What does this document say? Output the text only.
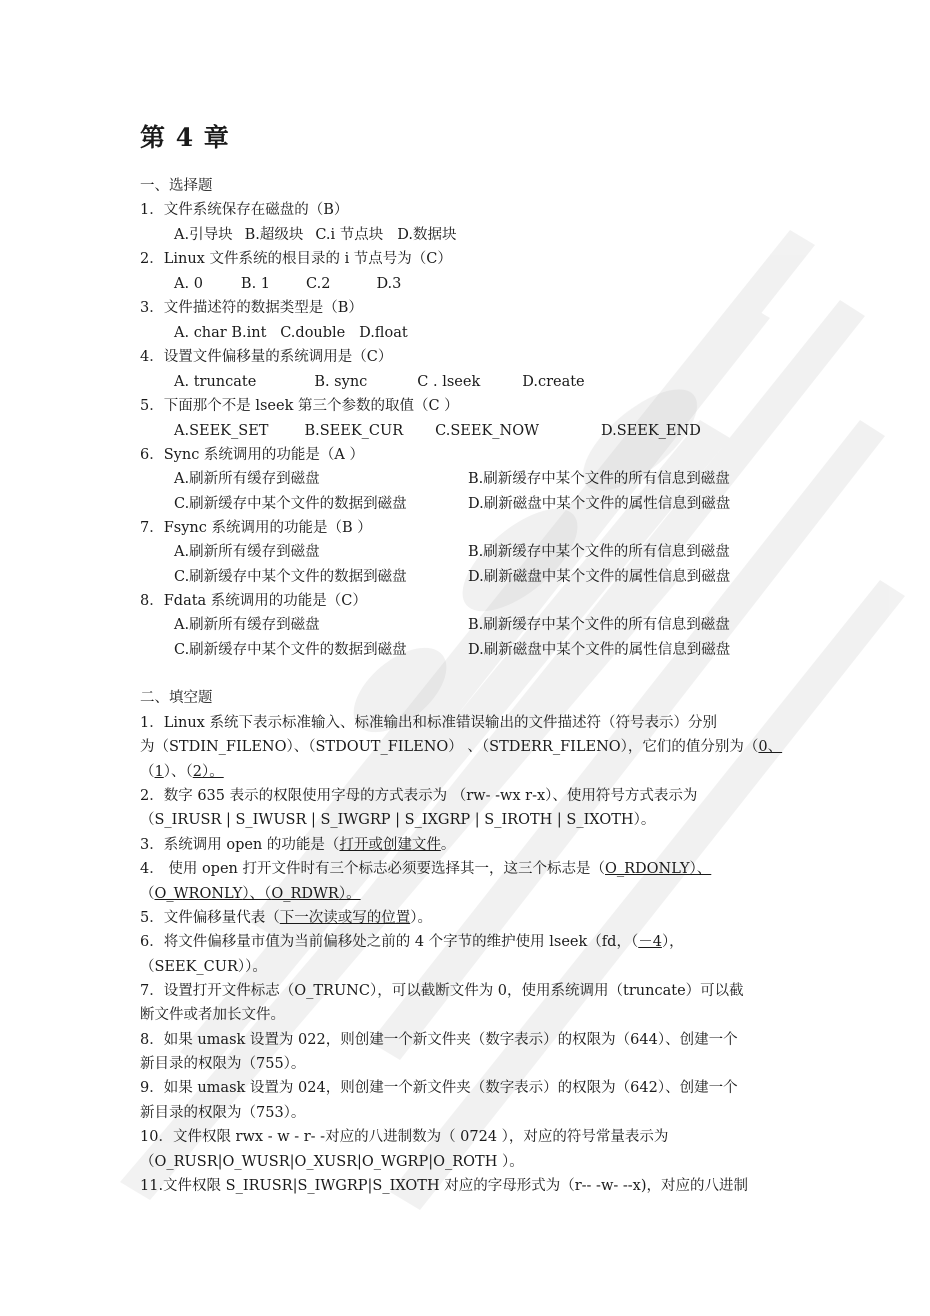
第 4 章
一、选择题
1．文件系统保存在磁盘的（B）
A.引导块 B.超级块 C.i 节点块 D.数据块
2．Linux 文件系统的根目录的 i 节点号为（C）
A. 0	B. 1 C.2	D.3
3．文件描述符的数据类型是（B）
A. char B.int   C.double   D.float
4．设置文件偏移量的系统调用是（C）
A. truncate	B. sync	C . lseek	D.create
5．下面那个不是 lseek 第三个参数的取值（C ）
A.SEEK_SET B.SEEK_CUR C.SEEK_NOW	D.SEEK_END
6．Sync 系统调用的功能是（A ）
A.刷新所有缓存到磁盘	B.刷新缓存中某个文件的所有信息到磁盘
C.刷新缓存中某个文件的数据到磁盘	D.刷新磁盘中某个文件的属性信息到磁盘
7．Fsync 系统调用的功能是（B ）
A.刷新所有缓存到磁盘	B.刷新缓存中某个文件的所有信息到磁盘
C.刷新缓存中某个文件的数据到磁盘	D.刷新磁盘中某个文件的属性信息到磁盘
8．Fdata 系统调用的功能是（C）
A.刷新所有缓存到磁盘	B.刷新缓存中某个文件的所有信息到磁盘
C.刷新缓存中某个文件的数据到磁盘	D.刷新磁盘中某个文件的属性信息到磁盘
二、填空题
1．Linux 系统下表示标准输入、标准输出和标准错误输出的文件描述符（符号表示）分别
为（STDIN_FILENO）、（STDOUT_FILENO） 、（STDERR_FILENO），它们的值分别为（0、
（1）、（2）。
2．数字 635 表示的权限使用字母的方式表示为 （rw- -wx r-x）、使用符号方式表示为
（S_IRUSR | S_IWUSR | S_IWGRP | S_IXGRP | S_IROTH | S_IXOTH）。
3．系统调用 open 的功能是（打开或创建文件。
4． 使用 open 打开文件时有三个标志必须要选择其一，这三个标志是（O_RDONLY）、
（O_WRONLY）、（O_RDWR）。
5．文件偏移量代表（下一次读或写的位置）。
6．将文件偏移量市值为当前偏移处之前的 4 个字节的维护使用 lseek（fd，（－4），
（SEEK_CUR））。
7．设置打开文件标志（O_TRUNC），可以截断文件为 0，使用系统调用（truncate）可以截
断文件或者加长文件。
8．如果 umask 设置为 022，则创建一个新文件夹（数字表示）的权限为（644）、创建一个
新目录的权限为（755）。
9．如果 umask 设置为 024，则创建一个新文件夹（数字表示）的权限为（642）、创建一个
新目录的权限为（753）。
10．文件权限 rwx - w - r- -对应的八进制数为（ 0724 ），对应的符号常量表示为
（O_RUSR|O_WUSR|O_XUSR|O_WGRP|O_ROTH ）。
11.文件权限 S_IRUSR|S_IWGRP|S_IXOTH 对应的字母形式为（r-- -w- --x)，对应的八进制
